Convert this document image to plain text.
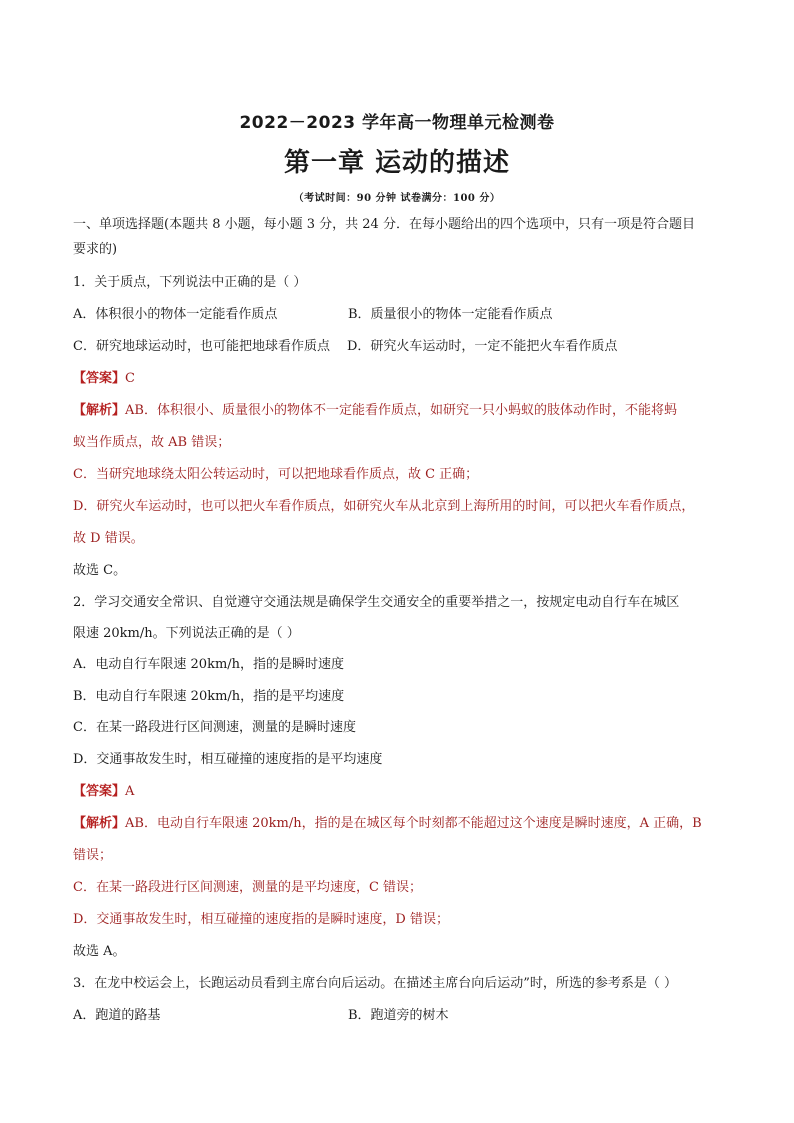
2022－2023 学年高一物理单元检测卷
第一章 运动的描述
（考试时间：90 分钟 试卷满分：100 分）
一、单项选择题(本题共 8 小题，每小题 3 分，共 24 分．在每小题给出的四个选项中，只有一项是符合题目
要求的)
1．关于质点，下列说法中正确的是（ ）
A．体积很小的物体一定能看作质点	B．质量很小的物体一定能看作质点
C．研究地球运动时，也可能把地球看作质点 D．研究火车运动时，一定不能把火车看作质点
【答案】C
【解析】AB．体积很小、质量很小的物体不一定能看作质点，如研究一只小蚂蚁的肢体动作时，不能将蚂
蚁当作质点，故 AB 错误；
C．当研究地球绕太阳公转运动时，可以把地球看作质点，故 C 正确；
D．研究火车运动时，也可以把火车看作质点，如研究火车从北京到上海所用的时间，可以把火车看作质点，
故 D 错误。
故选 C。
2．学习交通安全常识、自觉遵守交通法规是确保学生交通安全的重要举措之一，按规定电动自行车在城区
限速 20km/h。下列说法正确的是（ ）
A．电动自行车限速 20km/h，指的是瞬时速度
B．电动自行车限速 20km/h，指的是平均速度
C．在某一路段进行区间测速，测量的是瞬时速度
D．交通事故发生时，相互碰撞的速度指的是平均速度
【答案】A
【解析】AB．电动自行车限速 20km/h，指的是在城区每个时刻都不能超过这个速度是瞬时速度，A 正确，B
错误；
C．在某一路段进行区间测速，测量的是平均速度，C 错误；
D．交通事故发生时，相互碰撞的速度指的是瞬时速度，D 错误；
故选 A。
3．在龙中校运会上，长跑运动员看到主席台向后运动。在描述主席台向后运动”时，所选的参考系是（ ）
A．跑道的路基	B．跑道旁的树木
